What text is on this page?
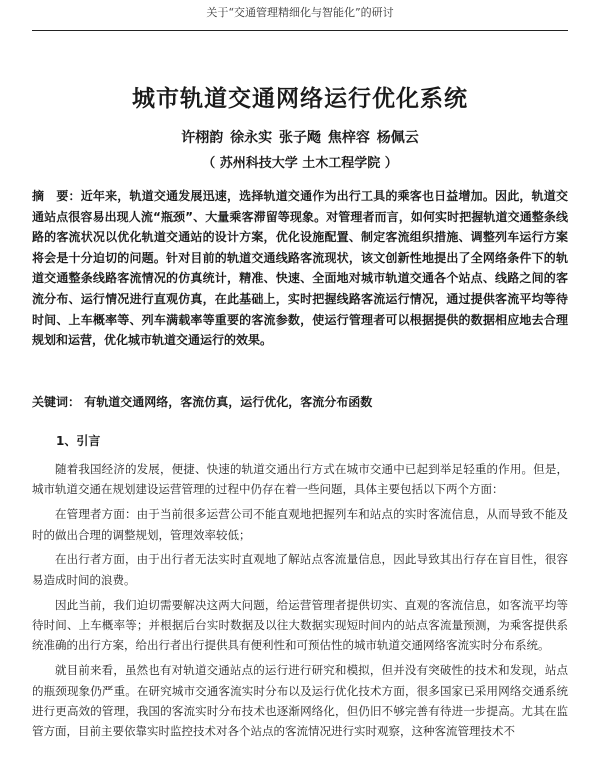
关于“交通管理精细化与智能化”的研讨
城市轨道交通网络运行优化系统
许栩韵 徐永实 张子飏 焦梓容 杨佩云
（ 苏州科技大学 土木工程学院 ）
摘　要：近年来，轨道交通发展迅速，选择轨道交通作为出行工具的乘客也日益增加。因此，轨道交通站点很容易出现人流“瓶颈”、大量乘客滞留等现象。对管理者而言，如何实时把握轨道交通整条线路的客流状况以优化轨道交通站的设计方案，优化设施配置、制定客流组织措施、调整列车运行方案将会是十分迫切的问题。针对目前的轨道交通线路客流现状，该文创新性地提出了全网络条件下的轨道交通整条线路客流情况的仿真统计，精准、快速、全面地对城市轨道交通各个站点、线路之间的客流分布、运行情况进行直观仿真，在此基础上，实时把握线路客流运行情况，通过提供客流平均等待时间、上车概率等、列车满载率等重要的客流参数，使运行管理者可以根据提供的数据相应地去合理规划和运营，优化城市轨道交通运行的效果。
关键词： 有轨道交通网络，客流仿真，运行优化，客流分布函数
1、引言

随着我国经济的发展，便捷、快速的轨道交通出行方式在城市交通中已起到举足轻重的作用。但是，城市轨道交通在规划建设运营管理的过程中仍存在着一些问题，具体主要包括以下两个方面：

在管理者方面：由于当前很多运营公司不能直观地把握列车和站点的实时客流信息，从而导致不能及时的做出合理的调整规划，管理效率较低；

在出行者方面，由于出行者无法实时直观地了解站点客流量信息，因此导致其出行存在盲目性，很容易造成时间的浪费。

因此当前，我们迫切需要解决这两大问题，给运营管理者提供切实、直观的客流信息，如客流平均等待时间、上车概率等；并根据后台实时数据及以往大数据实现短时间内的站点客流量预测，为乘客提供系统准确的出行方案，给出行者出行提供具有便利性和可预估性的城市轨道交通网络客流实时分布系统。

就目前来看，虽然也有对轨道交通站点的运行进行研究和模拟，但并没有突破性的技术和发现，站点的瓶颈现象仍严重。在研究城市交通客流实时分布以及运行优化技术方面，很多国家已采用网络交通系统进行更高效的管理，我国的客流实时分布技术也逐渐网络化，但仍旧不够完善有待进一步提高。尤其在监管方面，目前主要依靠实时监控技术对各个站点的客流情况进行实时观察，这种客流管理技术不
